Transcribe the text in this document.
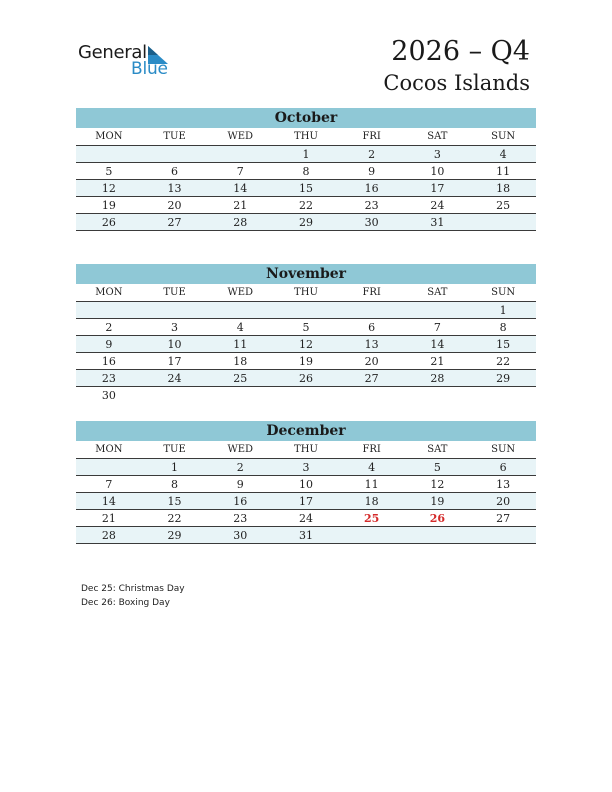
General
Blue
2026 – Q4
Cocos Islands
October
MON	TUE	WED	THU	FRI	SAT	SUN
			1	2	3	4
5	6	7	8	9	10	11
12	13	14	15	16	17	18
19	20	21	22	23	24	25
26	27	28	29	30	31	
November
MON	TUE	WED	THU	FRI	SAT	SUN
						1
2	3	4	5	6	7	8
9	10	11	12	13	14	15
16	17	18	19	20	21	22
23	24	25	26	27	28	29
30						
December
MON	TUE	WED	THU	FRI	SAT	SUN
	1	2	3	4	5	6
7	8	9	10	11	12	13
14	15	16	17	18	19	20
21	22	23	24	25	26	27
28	29	30	31			
Dec 25: Christmas Day
Dec 26: Boxing Day
